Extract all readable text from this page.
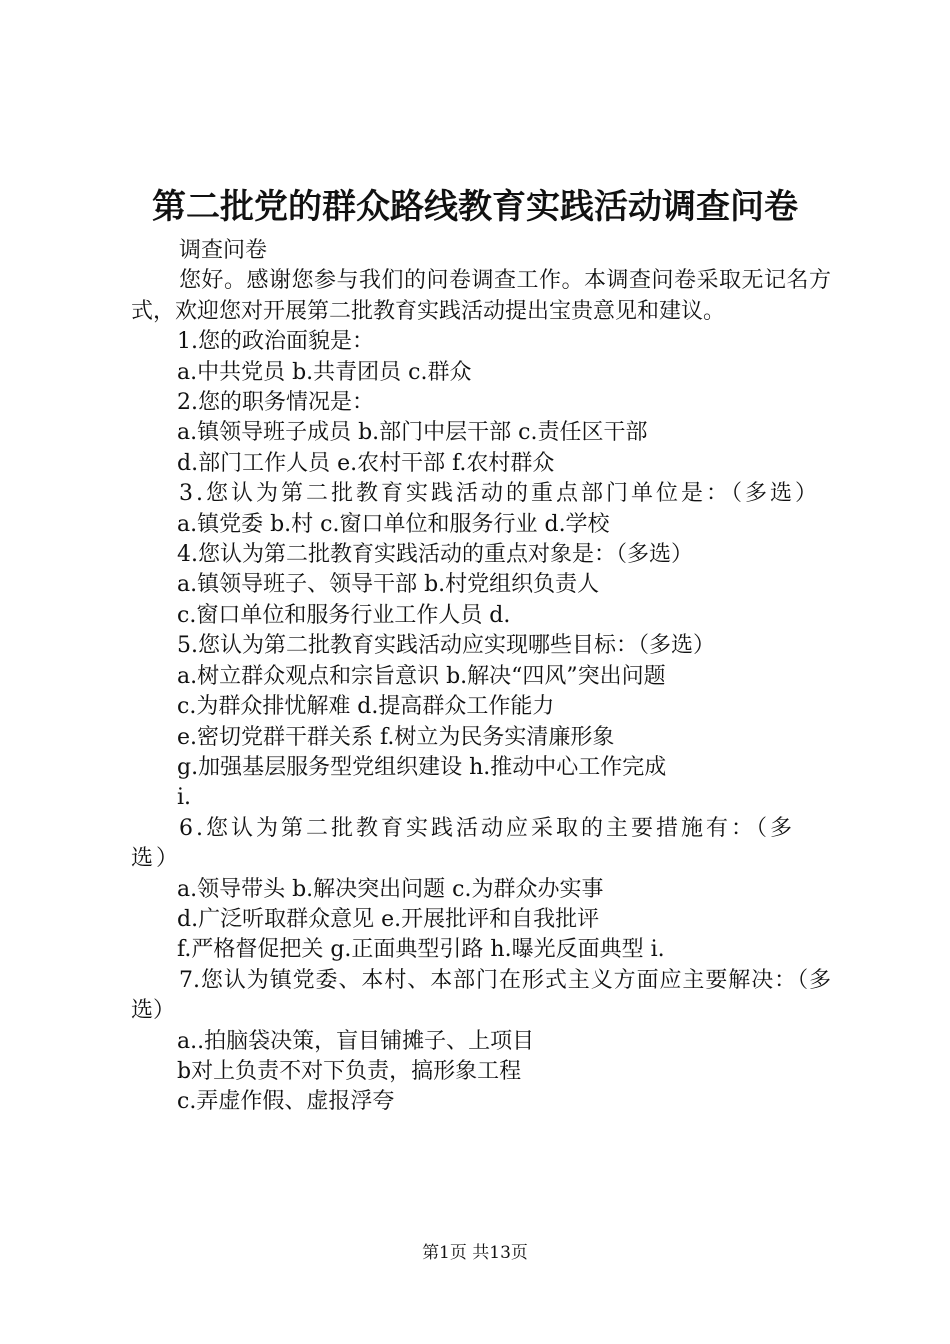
第二批党的群众路线教育实践活动调查问卷

调查问卷

您好。感谢您参与我们的问卷调查工作。本调查问卷采取无记名方式，欢迎您对开展第二批教育实践活动提出宝贵意见和建议。

1.您的政治面貌是：

a.中共党员 b.共青团员 c.群众

2.您的职务情况是：

a.镇领导班子成员 b.部门中层干部 c.责任区干部

d.部门工作人员 e.农村干部 f.农村群众

3.您认为第二批教育实践活动的重点部门单位是：（多选）

a.镇党委 b.村 c.窗口单位和服务行业 d.学校

4.您认为第二批教育实践活动的重点对象是：（多选）

a.镇领导班子、领导干部 b.村党组织负责人

c.窗口单位和服务行业工作人员 d.

5.您认为第二批教育实践活动应实现哪些目标：（多选）

a.树立群众观点和宗旨意识 b.解决“四风”突出问题

c.为群众排忧解难 d.提高群众工作能力

e.密切党群干群关系 f.树立为民务实清廉形象

g.加强基层服务型党组织建设 h.推动中心工作完成

i.

6.您认为第二批教育实践活动应采取的主要措施有：（多选）

a.领导带头 b.解决突出问题 c.为群众办实事

d.广泛听取群众意见 e.开展批评和自我批评

f.严格督促把关 g.正面典型引路 h.曝光反面典型 i.

7.您认为镇党委、本村、本部门在形式主义方面应主要解决：（多选）

a..拍脑袋决策，盲目铺摊子、上项目

b对上负责不对下负责，搞形象工程

c.弄虚作假、虚报浮夸

第1页 共13页
